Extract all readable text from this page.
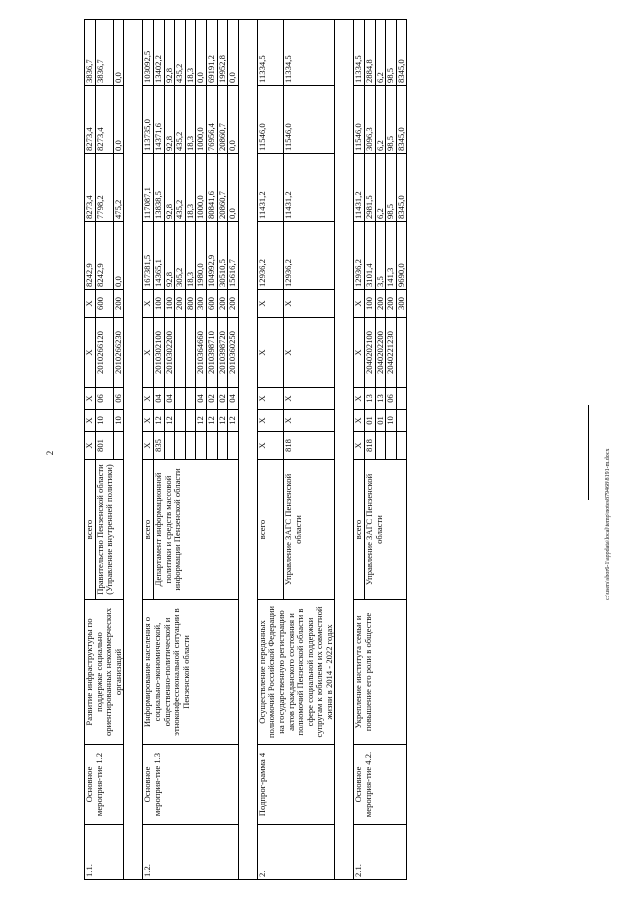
2	c:\users\sbor6-1\appdata\local\temp\notes879468\8191-m.docx
1.1.	Основное мероприя-тие 1.2	Развитие инфраструктуры по поддержке социально ориентированных некоммерческих организаций	всего	Х	Х	Х	Х	Х	8242,9	8273,4	8273,4	3836,7
			Правительство Пензенской области (Управление внутренней политики)	801	10	06	2010266120	600	8242,9	7798,2	8273,4	3836,7
					10	06	2010266230	200	0,0	475,2	0,0	0,0

1.2.	Основное мероприя-тие 1.3	Информирование населения о социально-экономической, общественно-политической и этноконфессиональной ситуации в Пензенской области	всего	Х	Х	Х	Х	Х	167381,5	117087,1	113735,0	103092,5
			Департамент информационной политики и средств массовой информации Пензенской области	835	12	04	2010302100	100	14365,1	13838,5	14371,6	13402,2
					12	04	2010302200	100	92,8	92,8	92,8	92,8
								200	305,2	435,2	435,2	435,2
								800	18,3	18,3	18,3	18,3
					12	04	2010364660	300	1980,0	1000,0	1000,0	0,0
					12	02	2010398710	600	104992,9	80841,6	76956,4	69191,2
					12	02	2010398720	200	30510,5	20860,7	20860,7	19952,8
					12	04	2010360250	200	15616,7	0,0	0,0	0,0

2.	Подпрог-рамма 4	Осуществление переданных полномочий Российской Федерации на государственную регистрацию актов гражданского состояния и полномочий Пензенской области в сфере социальной поддержки супругам к юбилеям их совместной жизни в 2014 - 2022 годах	всего	Х	Х	Х	Х	Х	12936,2	11431,2	11546,0	11334,5
			Управление ЗАГС Пензенской области	818	Х	Х	Х	Х	12936,2	11431,2	11546,0	11334,5

2.1.	Основное мероприя-тие 4.2.	Укрепление института семьи и повышение его роли в обществе	всего	Х	Х	Х	Х	Х	12936,2	11431,2	11546,0	11334,5
			Управление ЗАГС Пензенской области	818	01	13	2040202100	100	3101,4	2981,5	3096,3	2884,8
					01	13	2040202200	200	3,5	6,2	6,2	6,2
					10	06	2040221230	200	141,3	98,5	98,5	98,5
								300	9690,0	8345,0	8345,0	8345,0
